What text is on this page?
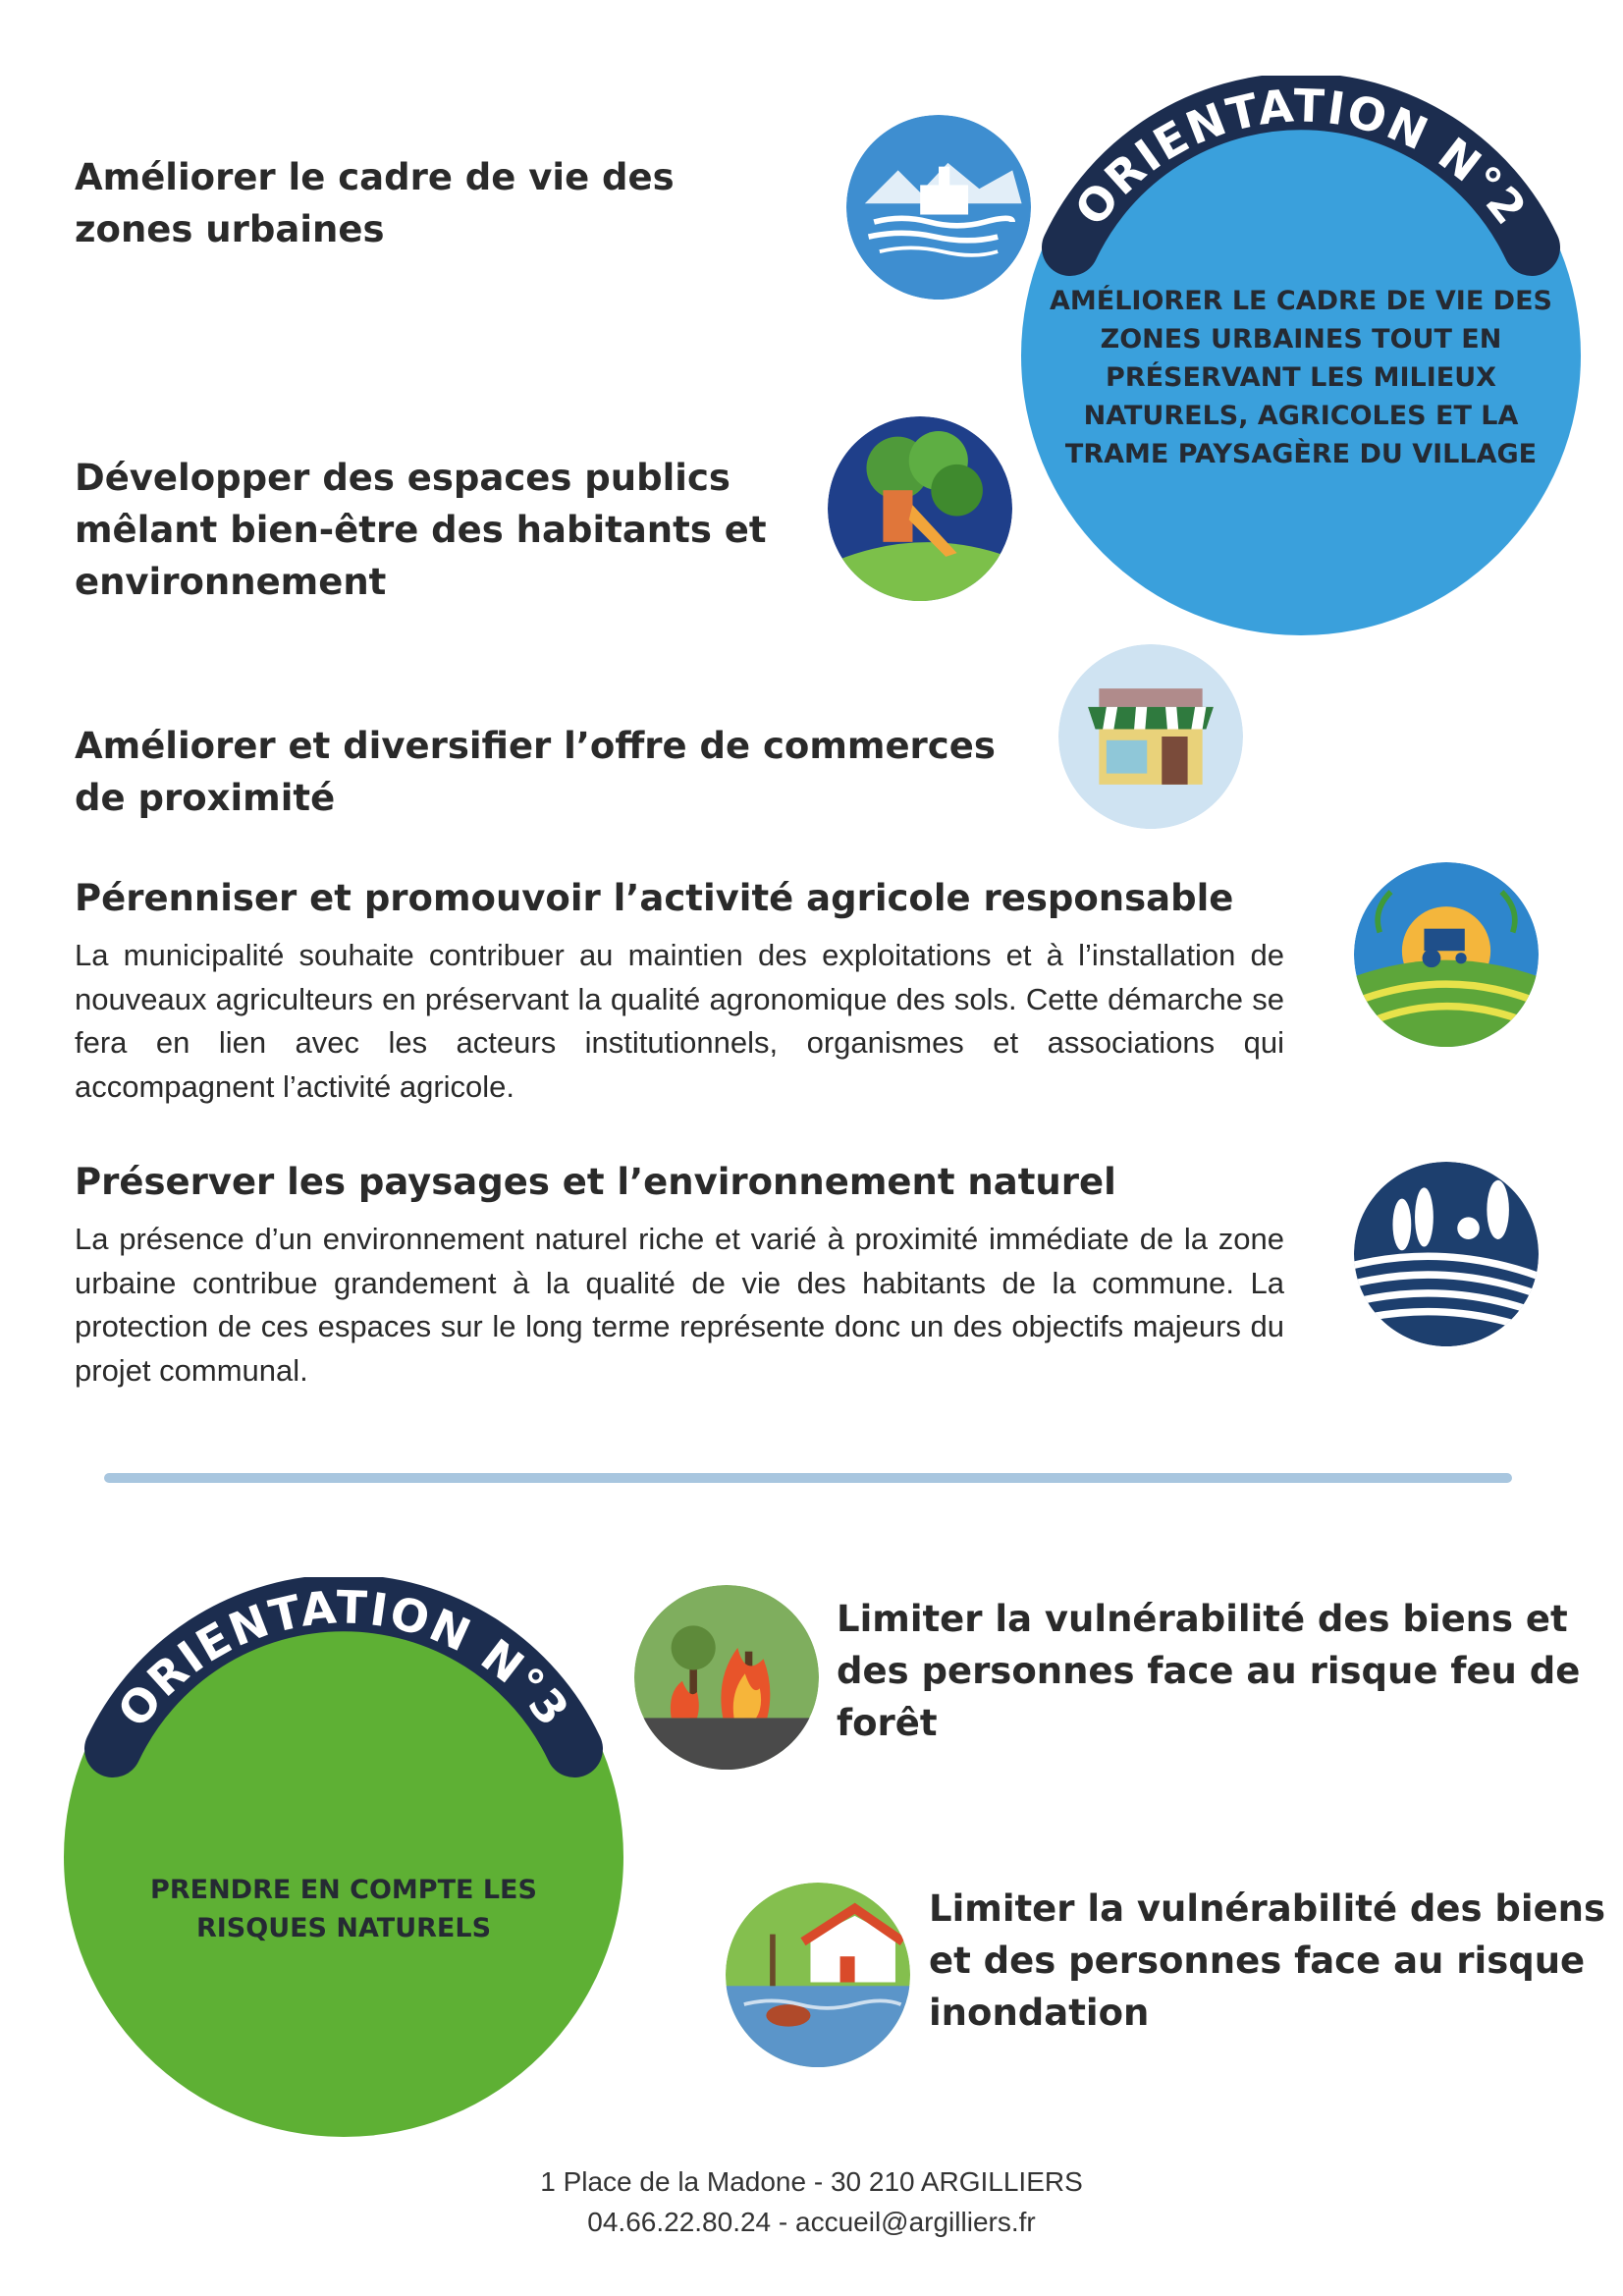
ORIENTATION N°2

AMÉLIORER LE CADRE DE VIE DES ZONES URBAINES TOUT EN PRÉSERVANT LES MILIEUX NATURELS, AGRICOLES ET LA TRAME PAYSAGÈRE DU VILLAGE

Améliorer le cadre de vie des zones urbaines

Développer des espaces publics mêlant bien-être des habitants et environnement

Améliorer et diversifier l’offre de commerces de proximité

Pérenniser et promouvoir l’activité agricole responsable

La municipalité souhaite contribuer au maintien des exploitations et à l’installation de nouveaux agriculteurs en préservant la qualité agronomique des sols. Cette démarche se fera en lien avec les acteurs institutionnels, organismes et associations qui accompagnent l’activité agricole.

Préserver les paysages et l’environnement naturel

La présence d’un environnement naturel riche et varié à proximité immédiate de la zone urbaine contribue grandement à la qualité de vie des habitants de la commune. La protection de ces espaces sur le long terme représente donc un des objectifs majeurs du projet communal.

ORIENTATION N°3

PRENDRE EN COMPTE LES RISQUES NATURELS

Limiter la vulnérabilité des biens et des personnes face au risque feu de forêt

Limiter la vulnérabilité des biens et des personnes face au risque inondation

1 Place de la Madone - 30 210 ARGILLIERS
04.66.22.80.24 - accueil@argilliers.fr
